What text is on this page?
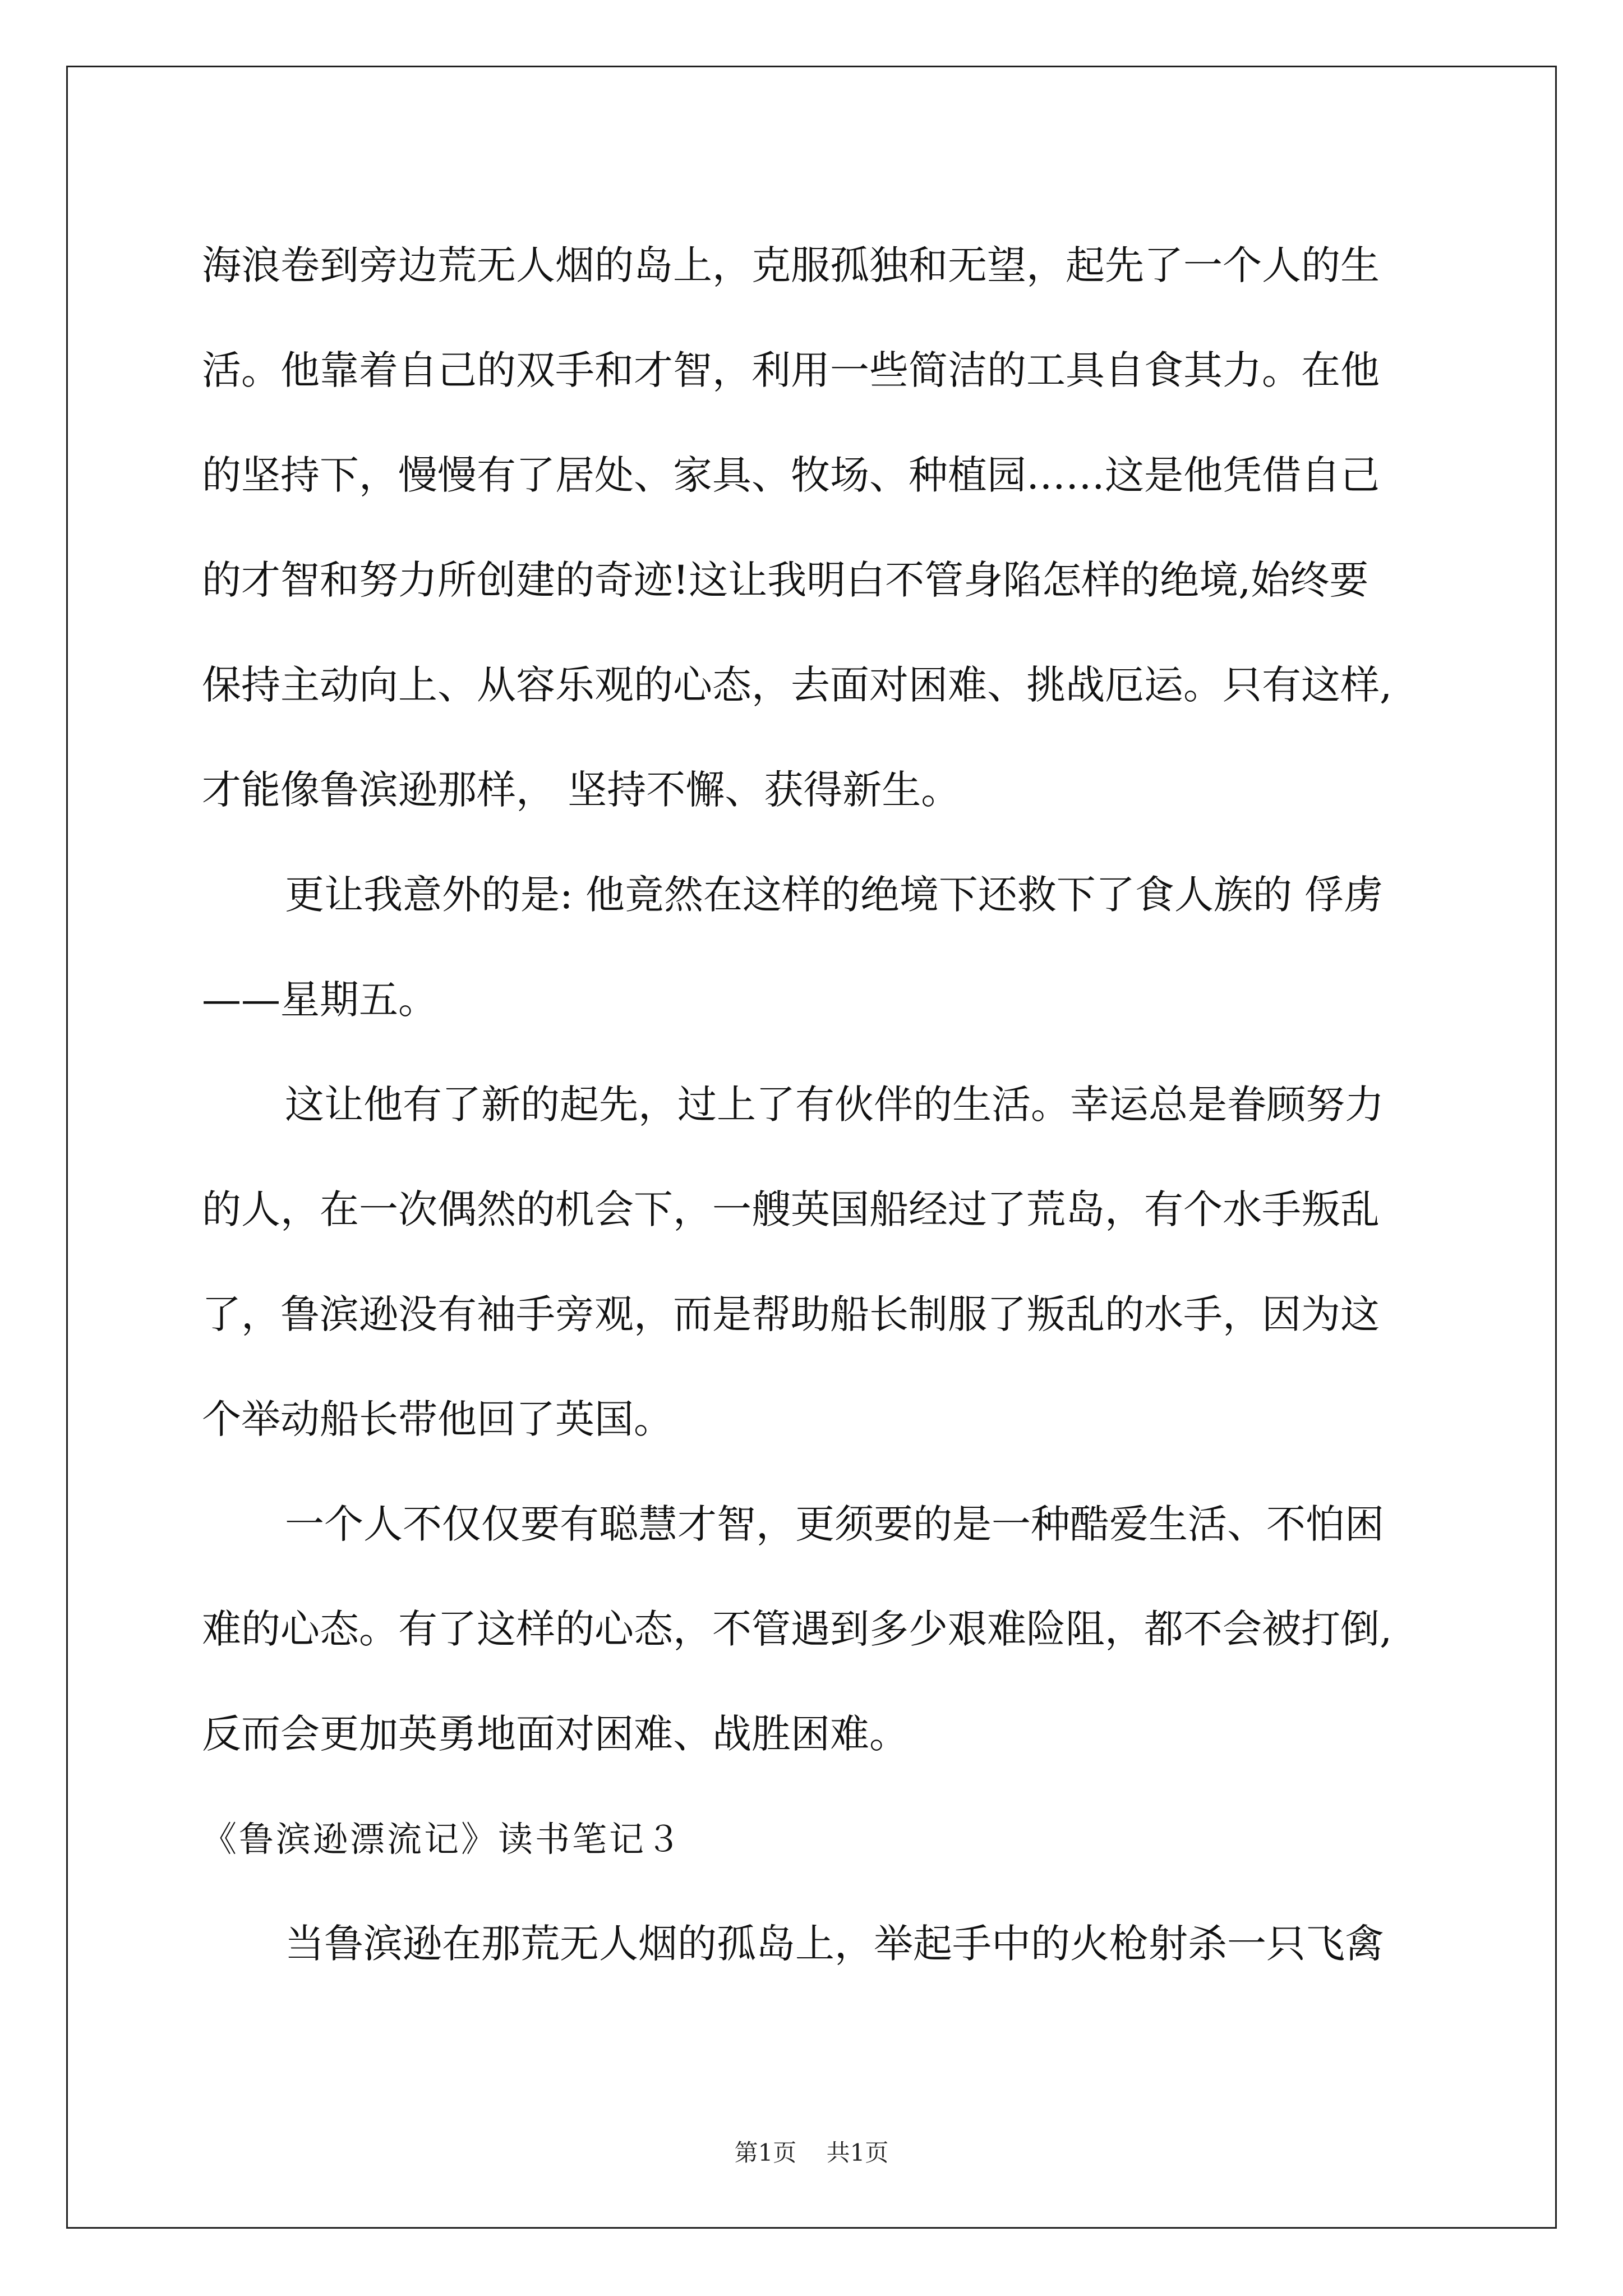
海浪卷到旁边荒无人烟的岛上，克服孤独和无望，起先了一个人的生
活。他靠着自己的双手和才智，利用一些简洁的工具自食其力。在他
的坚持下，慢慢有了居处、家具、牧场、种植园……这是他凭借自己
的才智和努力所创建的奇迹!这让我明白不管身陷怎样的绝境,始终要
保持主动向上、从容乐观的心态，去面对困难、挑战厄运。只有这样,
才能像鲁滨逊那样， 坚持不懈、获得新生。
更让我意外的是: 他竟然在这样的绝境下还救下了食人族的 俘虏
——星期五。
这让他有了新的起先，过上了有伙伴的生活。幸运总是眷顾努力
的人，在一次偶然的机会下，一艘英国船经过了荒岛，有个水手叛乱
了，鲁滨逊没有袖手旁观，而是帮助船长制服了叛乱的水手，因为这
个举动船长带他回了英国。
一个人不仅仅要有聪慧才智，更须要的是一种酷爱生活、不怕困
难的心态。有了这样的心态，不管遇到多少艰难险阻，都不会被打倒,
反而会更加英勇地面对困难、战胜困难。
《鲁滨逊漂流记》读书笔记３
当鲁滨逊在那荒无人烟的孤岛上，举起手中的火枪射杀一只飞禽
第1页 共1页
